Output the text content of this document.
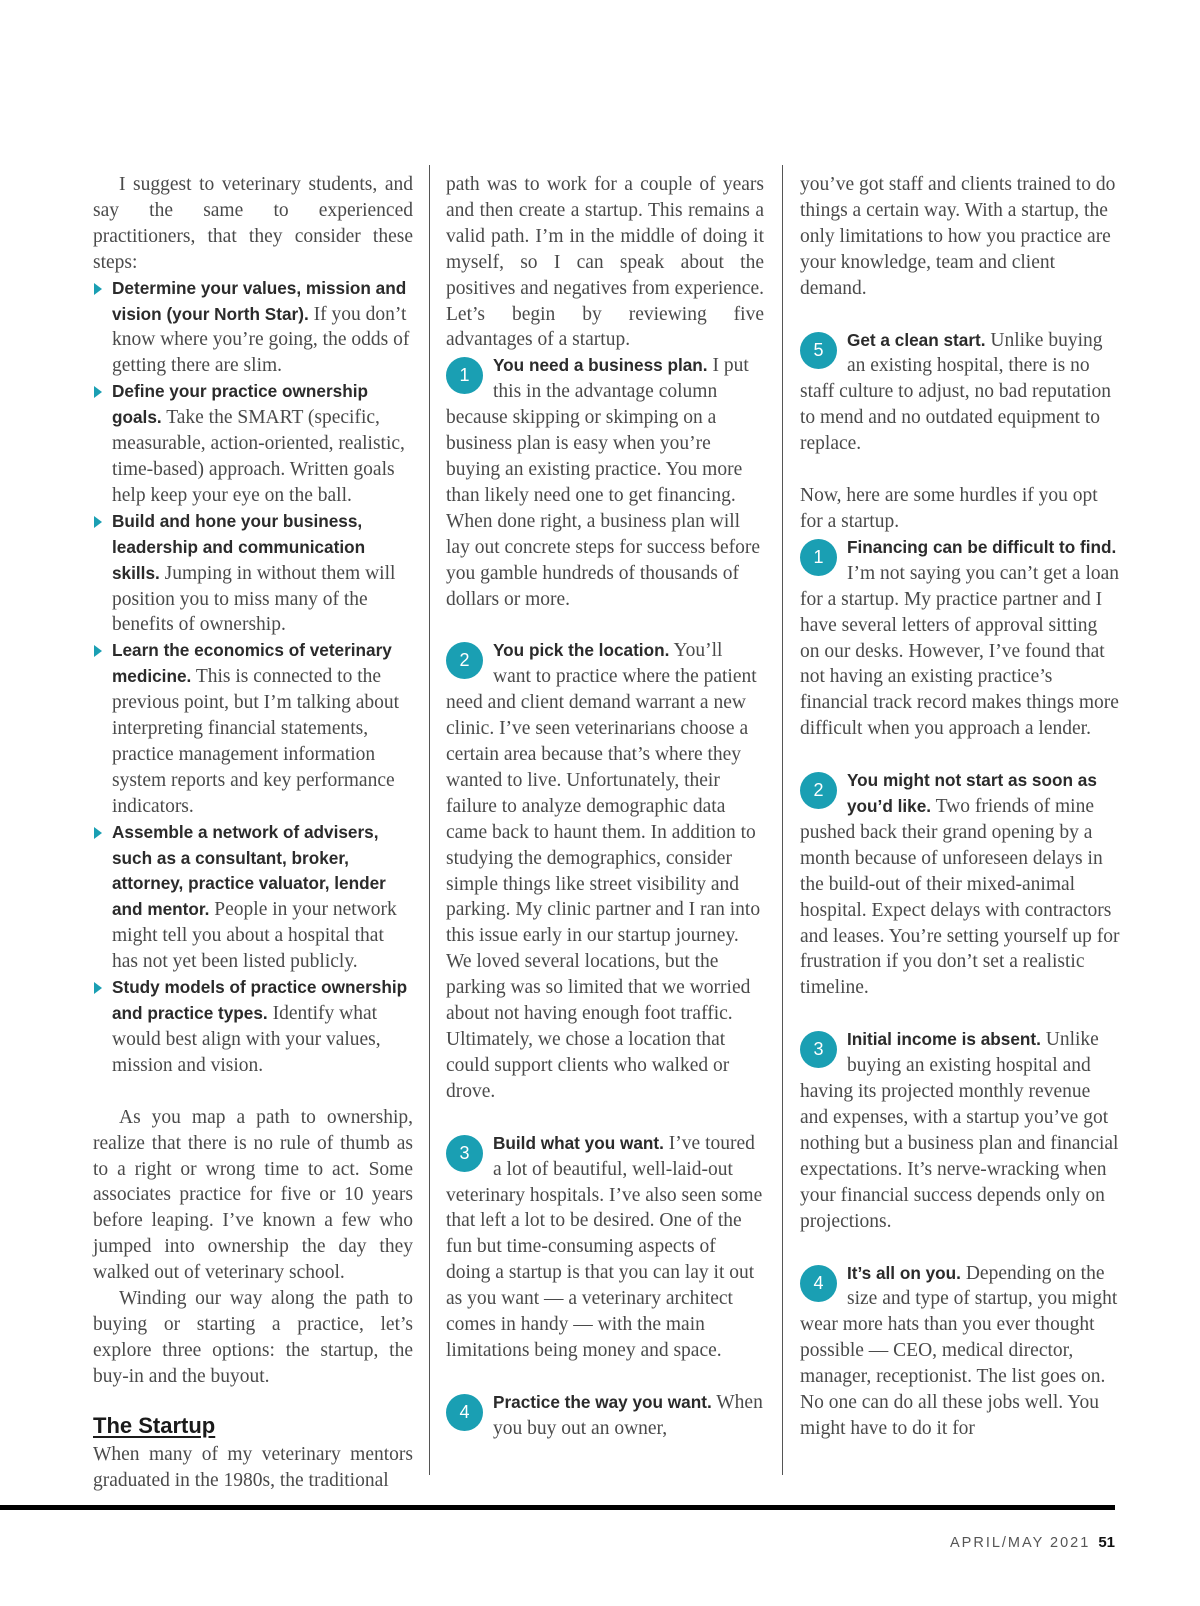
I suggest to veterinary students, and say the same to experienced practitioners, that they consider these steps:

Determine your values, mission and vision (your North Star). If you don’t know where you’re going, the odds of getting there are slim.
Define your practice ownership goals. Take the SMART (specific, measurable, action-oriented, realistic, time-based) approach. Written goals help keep your eye on the ball.
Build and hone your business, leadership and communication skills. Jumping in without them will position you to miss many of the benefits of ownership.
Learn the economics of veterinary medicine. This is connected to the previous point, but I’m talking about interpreting financial statements, practice management information system reports and key performance indicators.
Assemble a network of advisers, such as a consultant, broker, attorney, practice valuator, lender and mentor. People in your network might tell you about a hospital that has not yet been listed publicly.
Study models of practice ownership and practice types. Identify what would best align with your values, mission and vision.

As you map a path to ownership, realize that there is no rule of thumb as to a right or wrong time to act. Some associates practice for five or 10 years before leaping. I’ve known a few who jumped into ownership the day they walked out of veterinary school.

Winding our way along the path to buying or starting a practice, let’s explore three options: the startup, the buy-in and the buyout.

The Startup

When many of my veterinary mentors graduated in the 1980s, the traditional

path was to work for a couple of years and then create a startup. This remains a valid path. I’m in the middle of doing it myself, so I can speak about the positives and negatives from experience. Let’s begin by reviewing five advantages of a startup.

1	You need a business plan. I put this in the advantage column because skipping or skimping on a business plan is easy when you’re buying an existing practice. You more than likely need one to get financing. When done right, a business plan will lay out concrete steps for success before you gamble hundreds of thousands of dollars or more.

2	You pick the location. You’ll want to practice where the patient need and client demand warrant a new clinic. I’ve seen veterinarians choose a certain area because that’s where they wanted to live. Unfortunately, their failure to analyze demographic data came back to haunt them. In addition to studying the demographics, consider simple things like street visibility and parking. My clinic partner and I ran into this issue early in our startup journey. We loved several locations, but the parking was so limited that we worried about not having enough foot traffic. Ultimately, we chose a location that could support clients who walked or drove.

3	Build what you want. I’ve toured a lot of beautiful, well-laid-out veterinary hospitals. I’ve also seen some that left a lot to be desired. One of the fun but time-consuming aspects of doing a startup is that you can lay it out as you want — a veterinary architect comes in handy — with the main limitations being money and space.

4	Practice the way you want. When you buy out an owner,

you’ve got staff and clients trained to do things a certain way. With a startup, the only limitations to how you practice are your knowledge, team and client demand.

5	Get a clean start. Unlike buying an existing hospital, there is no staff culture to adjust, no bad reputation to mend and no outdated equipment to replace.

Now, here are some hurdles if you opt for a startup.

1	Financing can be difficult to find. I’m not saying you can’t get a loan for a startup. My practice partner and I have several letters of approval sitting on our desks. However, I’ve found that not having an existing practice’s financial track record makes things more difficult when you approach a lender.

2	You might not start as soon as you’d like. Two friends of mine pushed back their grand opening by a month because of unforeseen delays in the build-out of their mixed-animal hospital. Expect delays with contractors and leases. You’re setting yourself up for frustration if you don’t set a realistic timeline.

3	Initial income is absent. Unlike buying an existing hospital and having its projected monthly revenue and expenses, with a startup you’ve got nothing but a business plan and financial expectations. It’s nerve-wracking when your financial success depends only on projections.

4	It’s all on you. Depending on the size and type of startup, you might wear more hats than you ever thought possible — CEO, medical director, manager, receptionist. The list goes on. No one can do all these jobs well. You might have to do it for

APRIL/MAY 2021 51
